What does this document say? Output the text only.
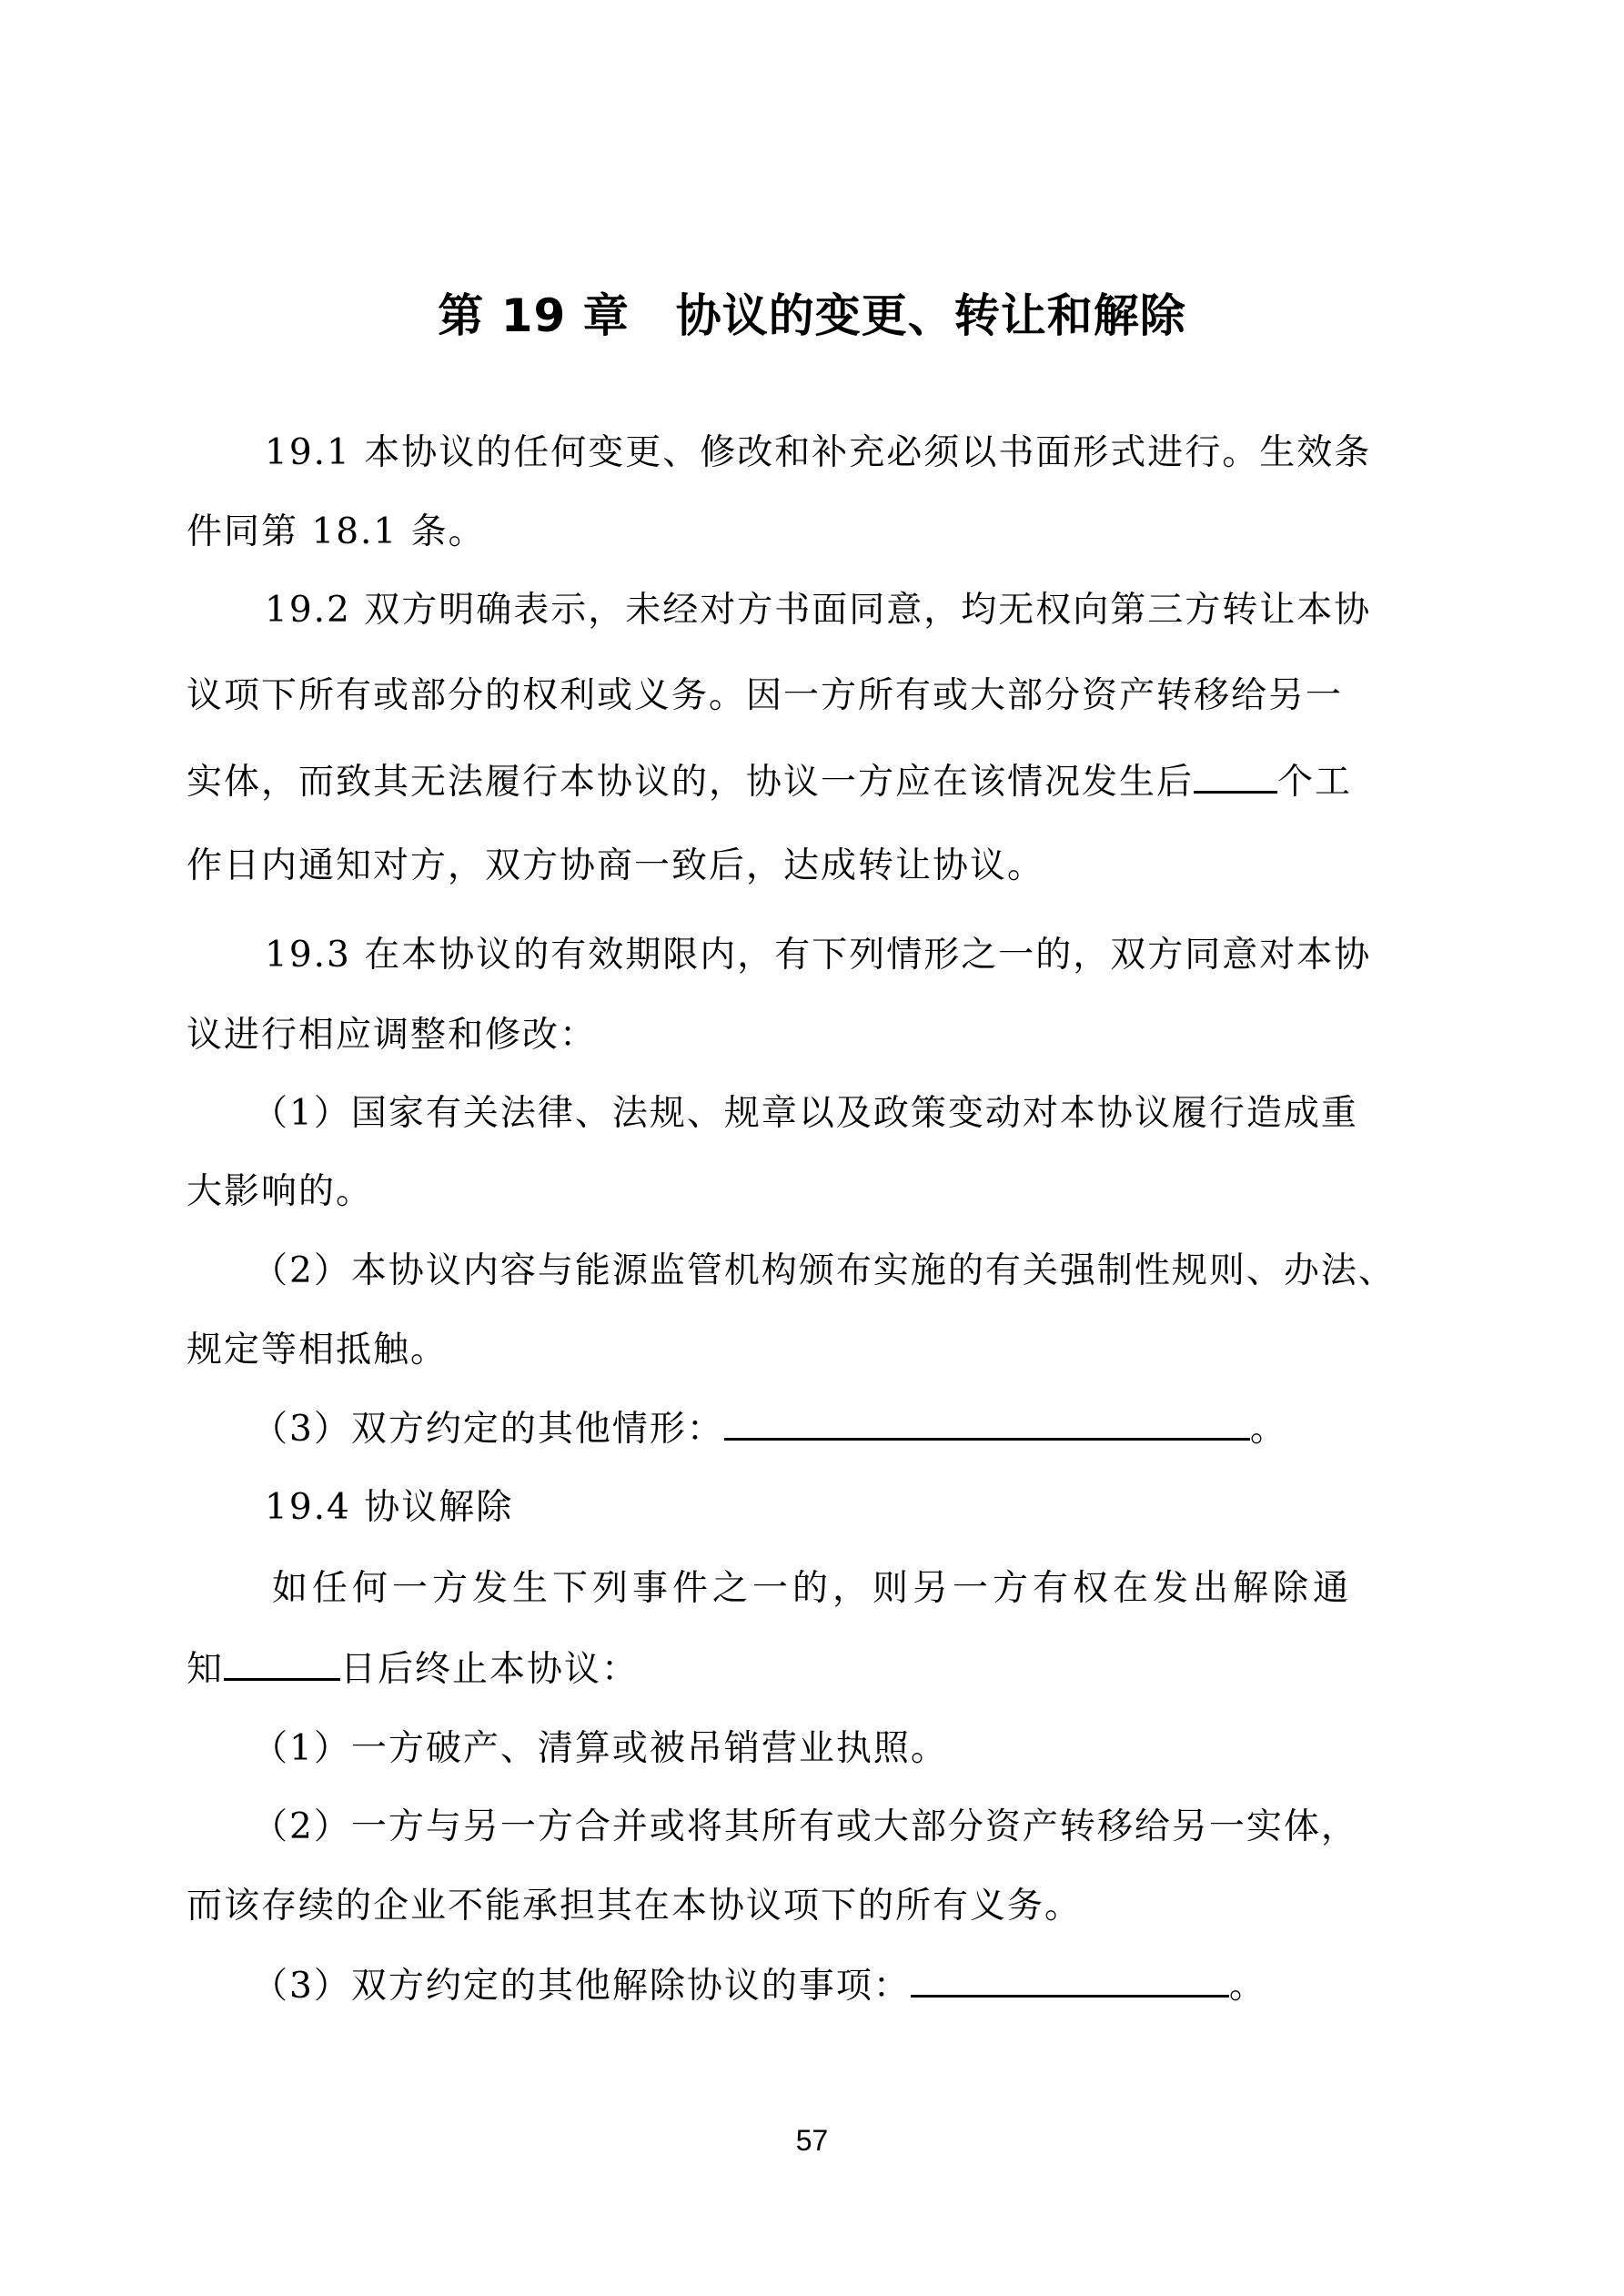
第 19 章　协议的变更、转让和解除
19.1 本协议的任何变更、修改和补充必须以书面形式进行。生效条
件同第 18.1 条。
19.2 双方明确表示，未经对方书面同意，均无权向第三方转让本协
议项下所有或部分的权利或义务。因一方所有或大部分资产转移给另一
实体，而致其无法履行本协议的，协议一方应在该情况发生后 个工
作日内通知对方，双方协商一致后，达成转让协议。
19.3 在本协议的有效期限内，有下列情形之一的，双方同意对本协
议进行相应调整和修改：
（1）国家有关法律、法规、规章以及政策变动对本协议履行造成重
大影响的。
（2）本协议内容与能源监管机构颁布实施的有关强制性规则、办法、
规定等相抵触。
（3）双方约定的其他情形：	。
19.4 协议解除
如任何一方发生下列事件之一的，则另一方有权在发出解除通
知	日后终止本协议：
（1）一方破产、清算或被吊销营业执照。
（2）一方与另一方合并或将其所有或大部分资产转移给另一实体，
而该存续的企业不能承担其在本协议项下的所有义务。
（3）双方约定的其他解除协议的事项：	。
57
